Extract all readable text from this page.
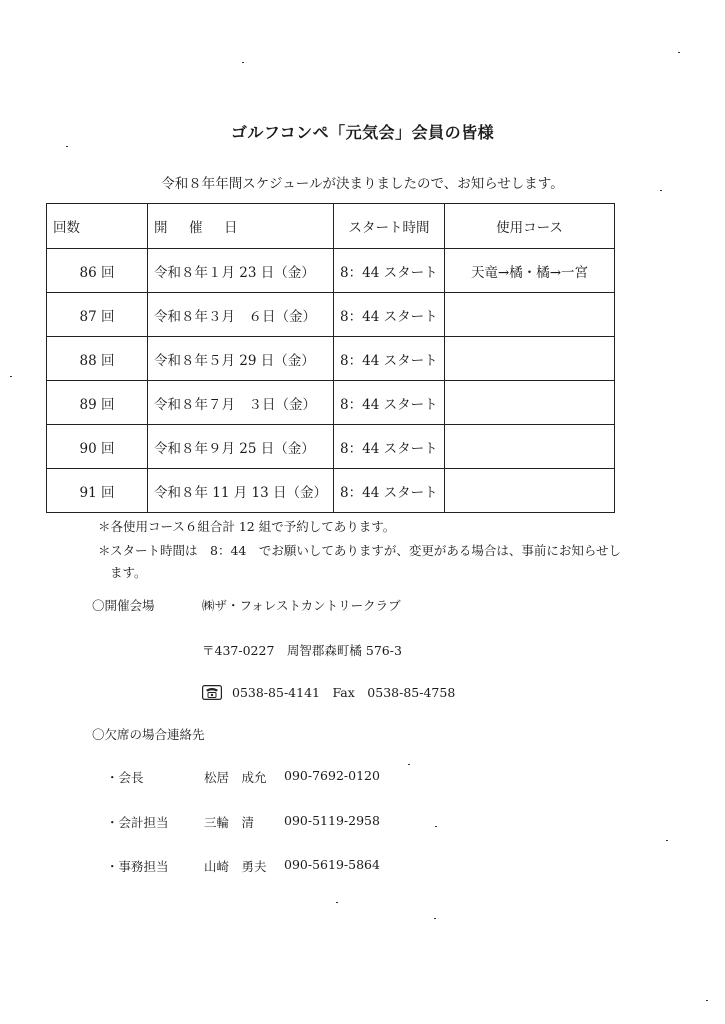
ゴルフコンペ「元気会」会員の皆様
令和８年年間スケジュールが決まりましたので、お知らせします。
回数	開　催　日	スタート時間	使用コース
86 回	令和８年１月 23 日（金）	8：44 スタート	天竜→橘・橘→一宮
87 回	令和８年３月　６日（金）	8：44 スタート	
88 回	令和８年５月 29 日（金）	8：44 スタート	
89 回	令和８年７月　３日（金）	8：44 スタート	
90 回	令和８年９月 25 日（金）	8：44 スタート	
91 回	令和８年 11 月 13 日（金）	8：44 スタート	
＊各使用コース６組合計 12 組で予約してあります。
＊ スタート時間は　8：44　でお願いしてありますが、変更がある場合は、事前にお知らせします。
〇開催会場	㈱ザ・フォレストカントリークラブ
〒437-0227　周智郡森町橘 576-3
0538-85-4141　Fax　0538-85-4758
〇欠席の場合連絡先
・会長	松居　成允 090-7692-0120
・会計担当	三輪　清 090-5119-2958
・事務担当	山崎　勇夫 090-5619-5864
